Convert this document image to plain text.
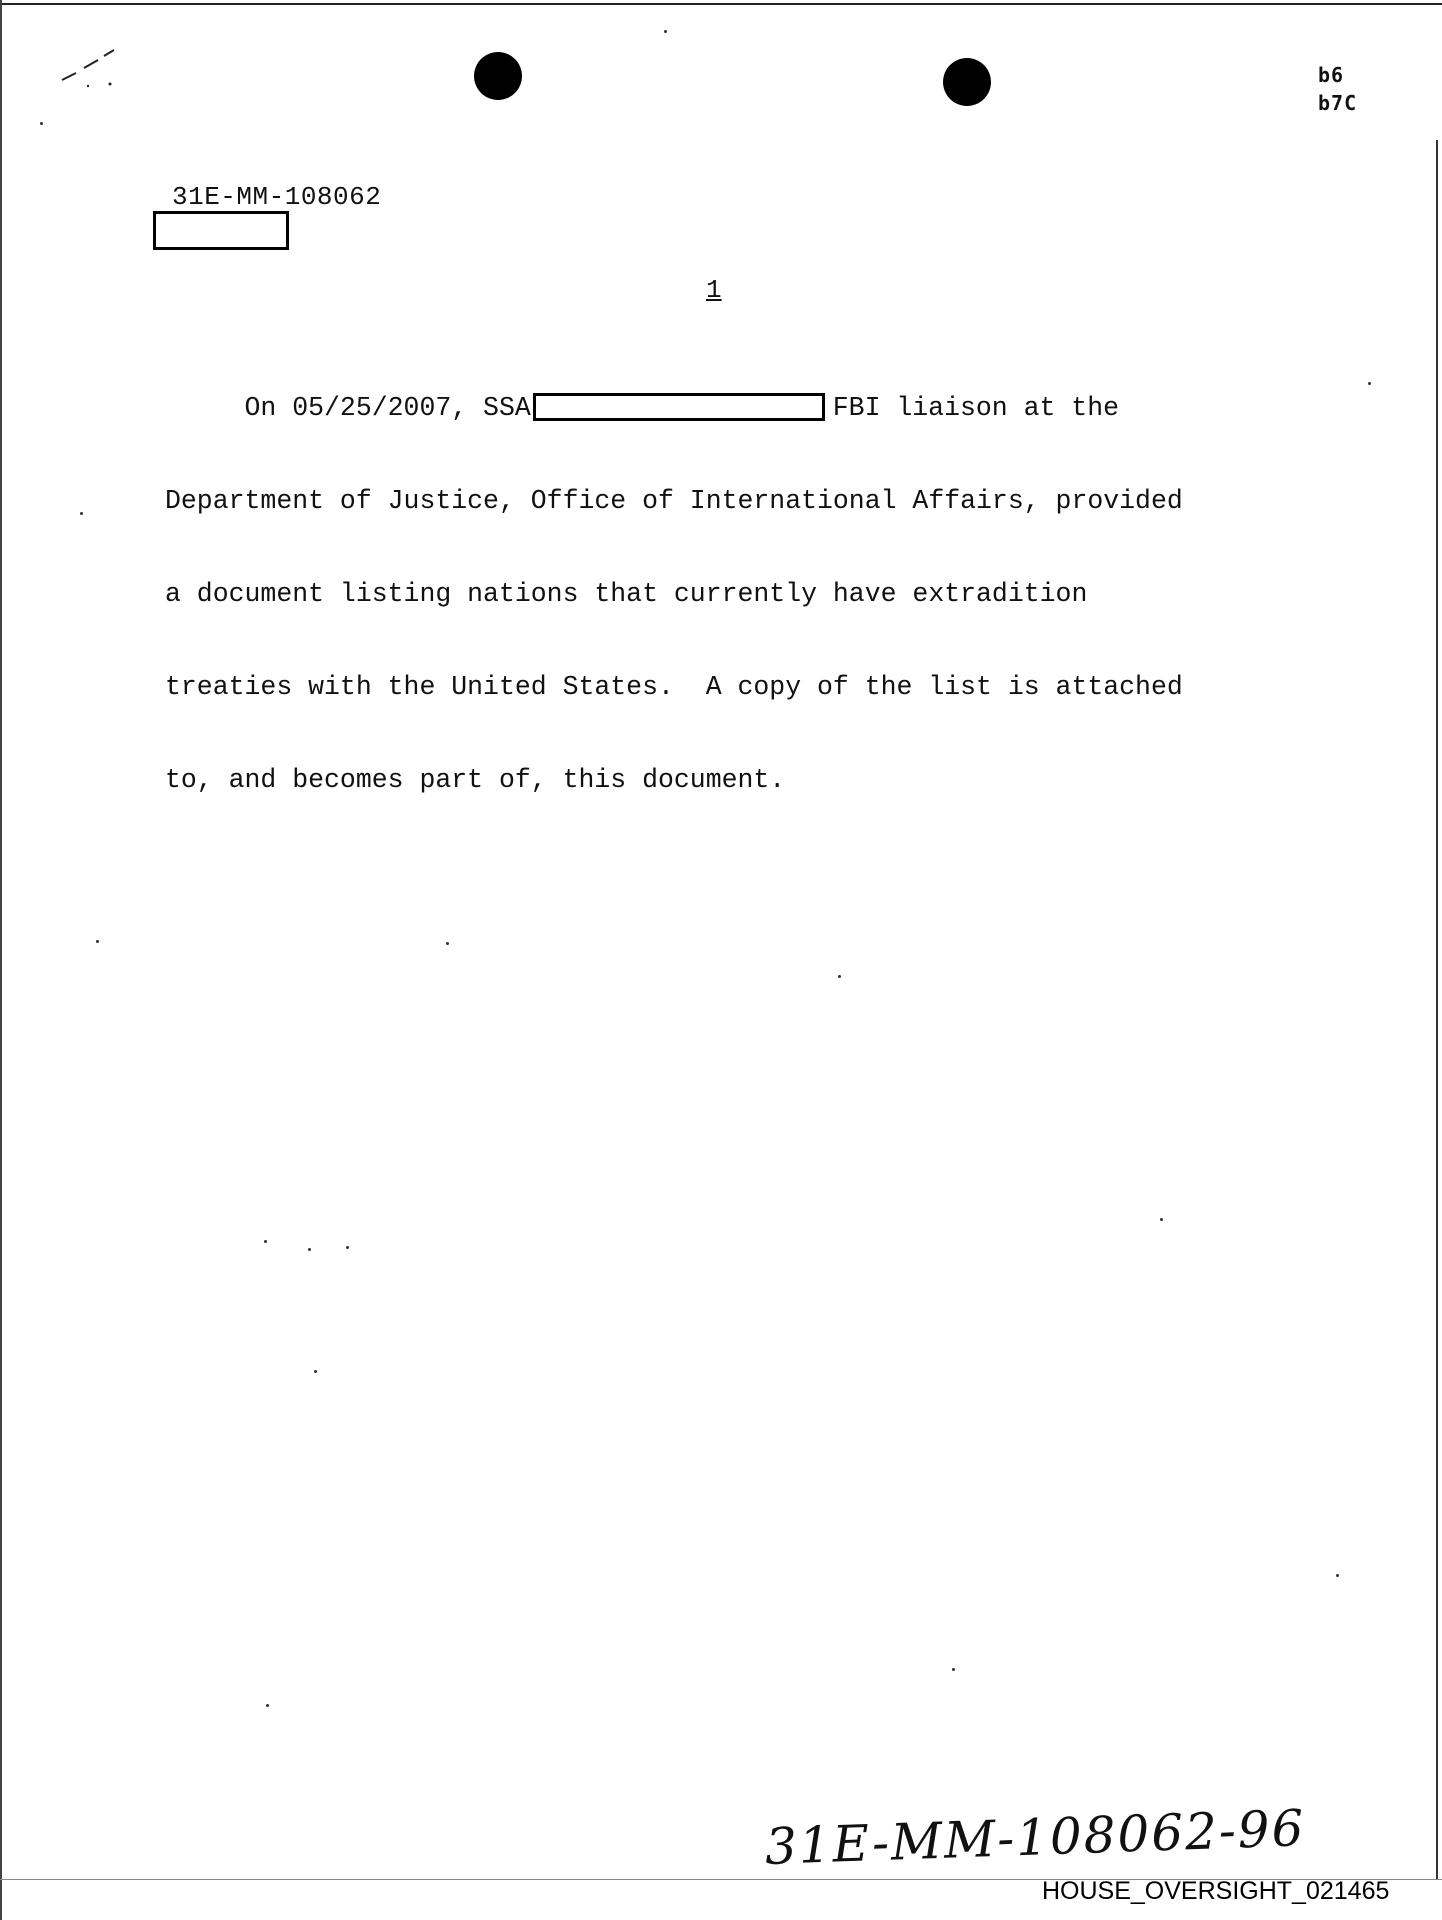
b6
b7C
31E-MM-108062
1

On 05/25/2007, SSA	FBI liaison at the

Department of Justice, Office of International Affairs, provided

a document listing nations that currently have extradition

treaties with the United States.  A copy of the list is attached

to, and becomes part of, this document.

31E-MM-108062-96
HOUSE_OVERSIGHT_021465
